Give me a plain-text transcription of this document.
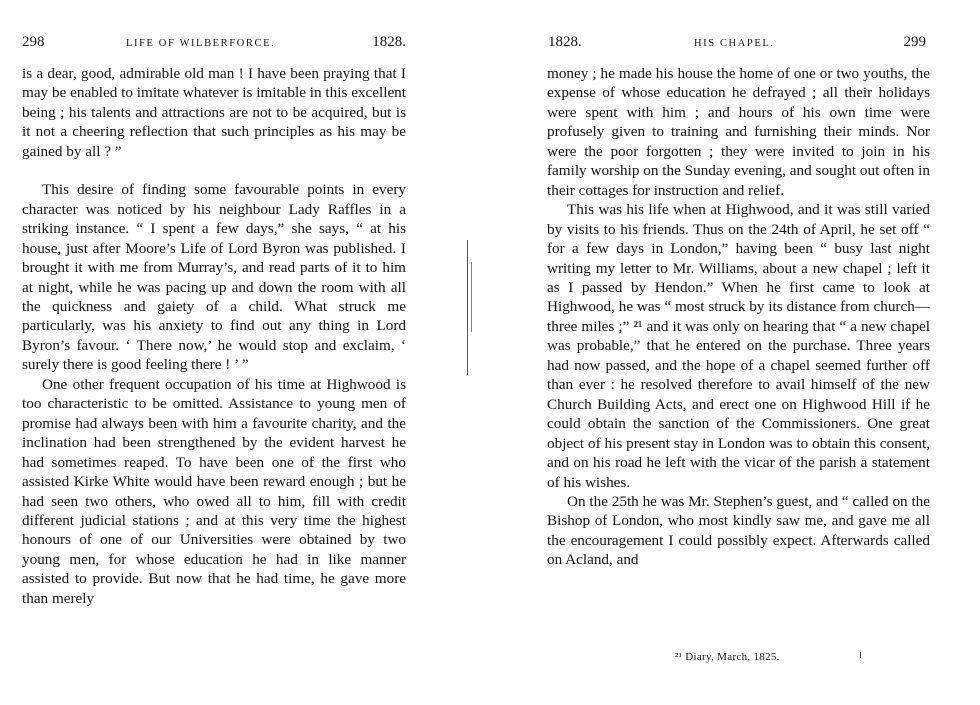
298	LIFE OF WILBERFORCE.	1828.

is a dear, good, admirable old man ! I have been praying that I may be enabled to imitate whatever is imitable in this excellent being ; his talents and attractions are not to be acquired, but is it not a cheering reflection that such principles as his may be gained by all ? ”

This desire of finding some favourable points in every character was noticed by his neighbour Lady Raffles in a striking instance. “ I spent a few days,” she says, “ at his house, just after Moore’s Life of Lord Byron was published. I brought it with me from Murray’s, and read parts of it to him at night, while he was pacing up and down the room with all the quickness and gaiety of a child. What struck me particularly, was his anxiety to find out any thing in Lord Byron’s favour. ‘ There now,’ he would stop and exclaim, ‘ surely there is good feeling there ! ’ ”

One other frequent occupation of his time at Highwood is too characteristic to be omitted. Assistance to young men of promise had always been with him a favourite charity, and the inclination had been strengthened by the evident harvest he had sometimes reaped. To have been one of the first who assisted Kirke White would have been reward enough ; but he had seen two others, who owed all to him, fill with credit different judicial stations ; and at this very time the highest honours of one of our Universities were obtained by two young men, for whose education he had in like manner assisted to provide. But now that he had time, he gave more than merely

1828.	HIS CHAPEL.	299

money ; he made his house the home of one or two youths, the expense of whose education he defrayed ; all their holidays were spent with him ; and hours of his own time were profusely given to training and furnishing their minds. Nor were the poor forgotten ; they were invited to join in his family worship on the Sunday evening, and sought out often in their cottages for instruction and relief.

This was his life when at Highwood, and it was still varied by visits to his friends. Thus on the 24th of April, he set off “ for a few days in London,” having been “ busy last night writing my letter to Mr. Williams, about a new chapel ; left it as I passed by Hendon.” When he first came to look at Highwood, he was “ most struck by its distance from church—three miles ;” ²¹ and it was only on hearing that “ a new chapel was probable,” that he entered on the purchase. Three years had now passed, and the hope of a chapel seemed further off than ever : he resolved therefore to avail himself of the new Church Building Acts, and erect one on Highwood Hill if he could obtain the sanction of the Commissioners. One great object of his present stay in London was to obtain this consent, and on his road he left with the vicar of the parish a statement of his wishes.

On the 25th he was Mr. Stephen’s guest, and “ called on the Bishop of London, who most kindly saw me, and gave me all the encouragement I could possibly expect. Afterwards called on Acland, and

²¹ Diary, March, 1825.
